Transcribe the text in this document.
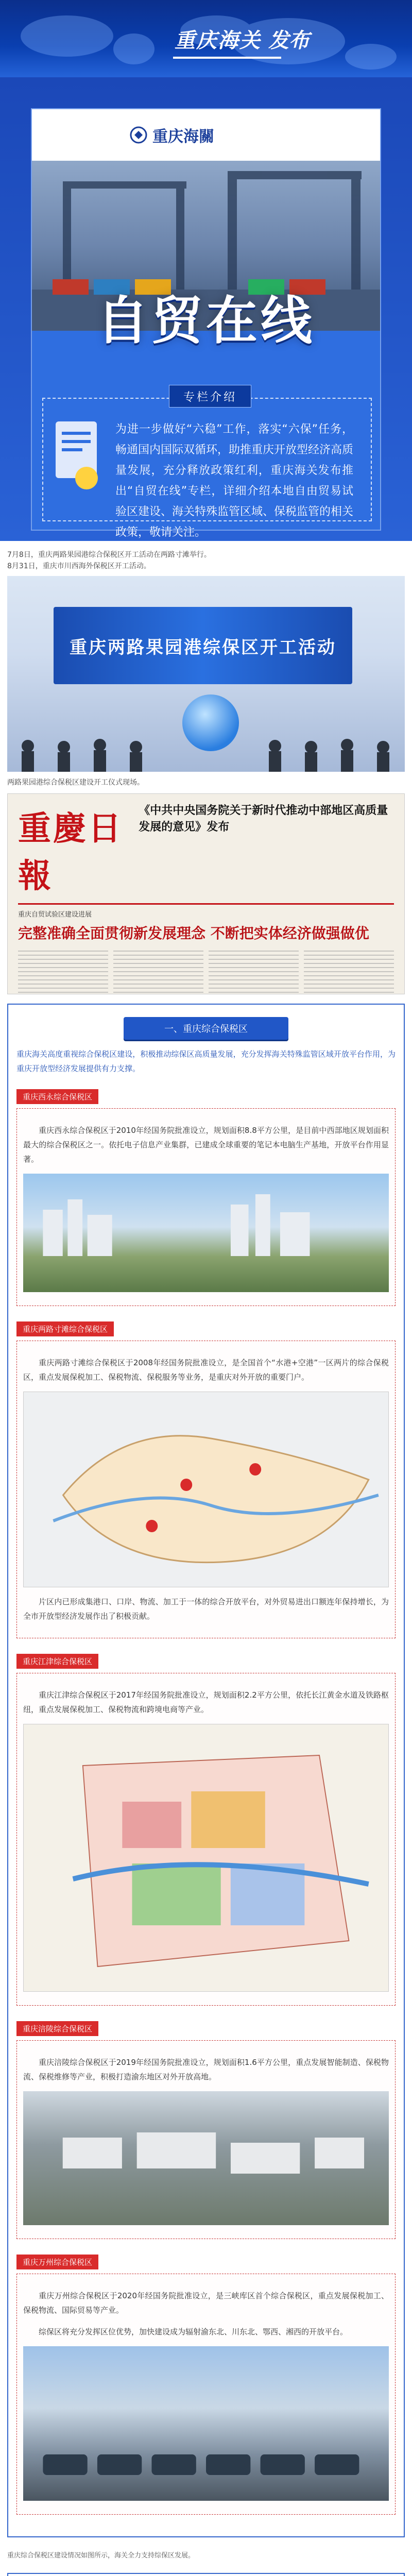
重庆海关 发布
重庆海關
自贸在线

为进一步做好“六稳”工作，落实“六保”任务，畅通国内国际双循环，助推重庆开放型经济高质量发展，充分释放政策红利，重庆海关发布推出“自贸在线”专栏，详细介绍本地自由贸易试验区建设、海关特殊监管区域、保税监管的相关政策，敬请关注。

专栏介绍

7月8日，重庆两路果园港综合保税区开工活动在两路寸滩举行。

8月31日，重庆市川西海外保税区开工活动。

重庆两路果园港综保区开工活动

两路果园港综合保税区建设开工仪式现场。

重慶日報
《中共中央国务院关于新时代推动中部地区高质量发展的意见》发布

重庆自贸试验区建设进展

完整准确全面贯彻新发展理念 不断把实体经济做强做优

一、重庆综合保税区

重庆海关高度重视综合保税区建设，积极推动综保区高质量发展，充分发挥海关特殊监管区域开放平台作用，为重庆开放型经济发展提供有力支撑。

重庆西永综合保税区

重庆西永综合保税区于2010年经国务院批准设立，规划面积8.8平方公里，是目前中西部地区规划面积最大的综合保税区之一。依托电子信息产业集群，已建成全球重要的笔记本电脑生产基地，开放平台作用显著。

重庆两路寸滩综合保税区

重庆两路寸滩综合保税区于2008年经国务院批准设立，是全国首个“水港+空港”一区两片的综合保税区，重点发展保税加工、保税物流、保税服务等业务，是重庆对外开放的重要门户。

片区内已形成集港口、口岸、物流、加工于一体的综合开放平台，对外贸易进出口额连年保持增长，为全市开放型经济发展作出了积极贡献。

重庆江津综合保税区

重庆江津综合保税区于2017年经国务院批准设立，规划面积2.2平方公里，依托长江黄金水道及铁路枢纽，重点发展保税加工、保税物流和跨境电商等产业。

重庆涪陵综合保税区

重庆涪陵综合保税区于2019年经国务院批准设立，规划面积1.6平方公里，重点发展智能制造、保税物流、保税维修等产业，积极打造渝东地区对外开放高地。

重庆万州综合保税区

重庆万州综合保税区于2020年经国务院批准设立，是三峡库区首个综合保税区，重点发展保税加工、保税物流、国际贸易等产业。

综保区将充分发挥区位优势，加快建设成为辐射渝东北、川东北、鄂西、湘西的开放平台。

重庆综合保税区建设情况如图所示，海关全力支持综保区发展。
